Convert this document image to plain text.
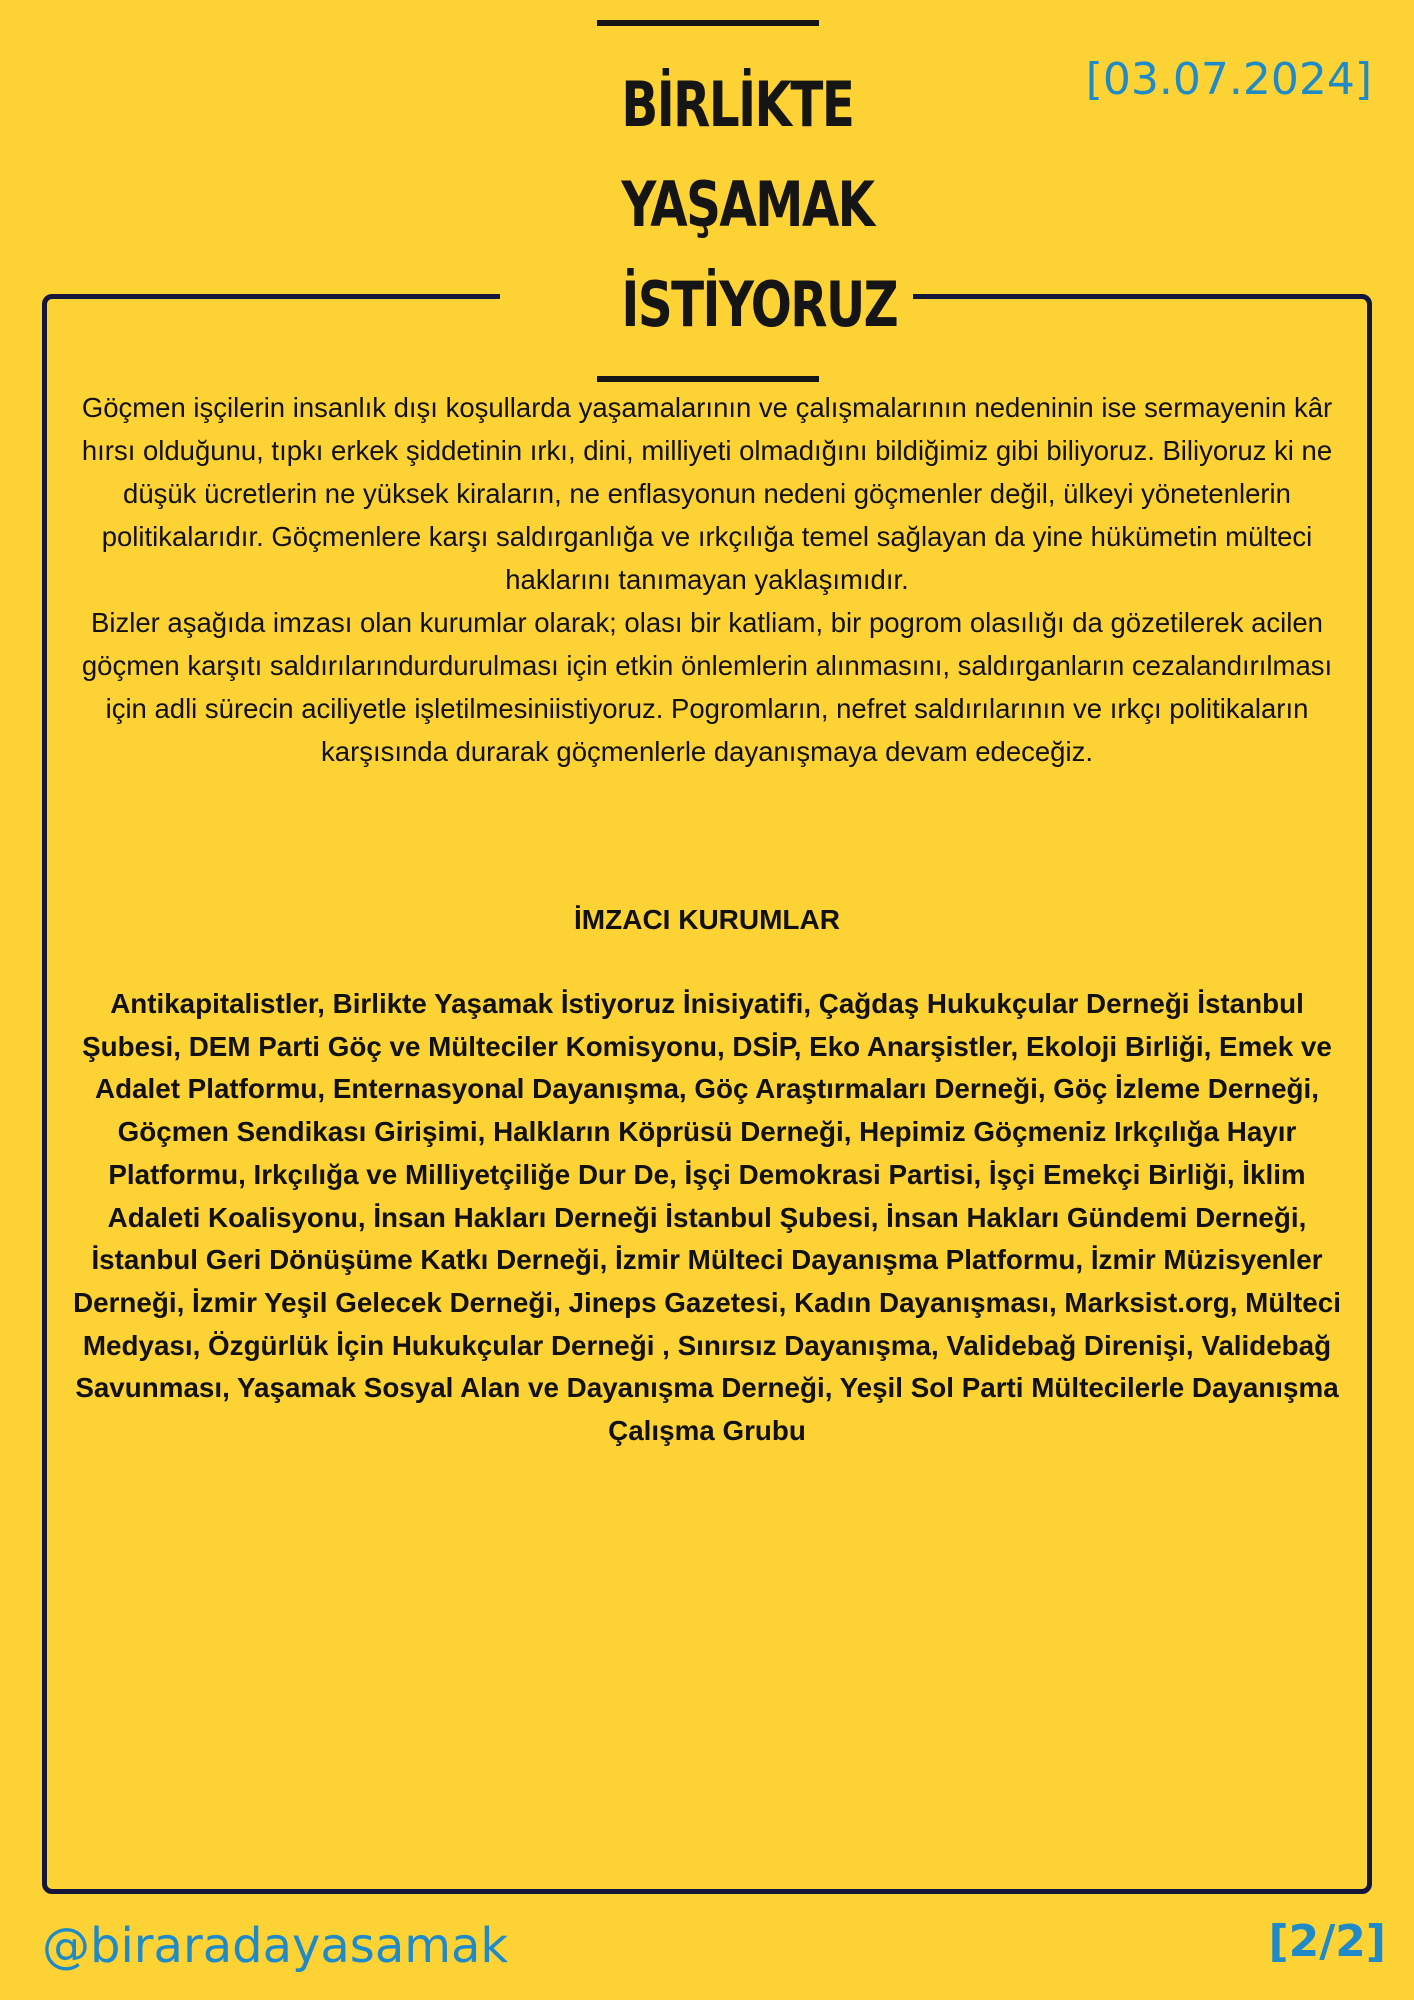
BİRLİKTE
YAŞAMAK
İSTİYORUZ
[03.07.2024]

Göçmen işçilerin insanlık dışı koşullarda yaşamalarının ve çalışmalarının nedeninin ise sermayenin kâr hırsı olduğunu, tıpkı erkek şiddetinin ırkı, dini, milliyeti olmadığını bildiğimiz gibi biliyoruz. Biliyoruz ki ne düşük ücretlerin ne yüksek kiraların, ne enflasyonun nedeni göçmenler değil, ülkeyi yönetenlerin politikalarıdır. Göçmenlere karşı saldırganlığa ve ırkçılığa temel sağlayan da yine hükümetin mülteci haklarını tanımayan yaklaşımıdır.

Bizler aşağıda imzası olan kurumlar olarak; olası bir katliam, bir pogrom olasılığı da gözetilerek acilen göçmen karşıtı saldırılarındurdurulması için etkin önlemlerin alınmasını, saldırganların cezalandırılması için adli sürecin aciliyetle işletilmesiniistiyoruz. Pogromların, nefret saldırılarının ve ırkçı politikaların karşısında durarak göçmenlerle dayanışmaya devam edeceğiz.

İMZACI KURUMLAR
Antikapitalistler, Birlikte Yaşamak İstiyoruz İnisiyatifi, Çağdaş Hukukçular Derneği İstanbul Şubesi, DEM Parti Göç ve Mülteciler Komisyonu, DSİP, Eko Anarşistler, Ekoloji Birliği, Emek ve Adalet Platformu, Enternasyonal Dayanışma, Göç Araştırmaları Derneği, Göç İzleme Derneği, Göçmen Sendikası Girişimi, Halkların Köprüsü Derneği, Hepimiz Göçmeniz Irkçılığa Hayır Platformu, Irkçılığa ve Milliyetçiliğe Dur De, İşçi Demokrasi Partisi, İşçi Emekçi Birliği, İklim Adaleti Koalisyonu, İnsan Hakları Derneği İstanbul Şubesi, İnsan Hakları Gündemi Derneği, İstanbul Geri Dönüşüme Katkı Derneği, İzmir Mülteci Dayanışma Platformu, İzmir Müzisyenler Derneği, İzmir Yeşil Gelecek Derneği, Jineps Gazetesi, Kadın Dayanışması, Marksist.org, Mülteci Medyası, Özgürlük İçin Hukukçular Derneği , Sınırsız Dayanışma, Validebağ Direnişi, Validebağ Savunması, Yaşamak Sosyal Alan ve Dayanışma Derneği, Yeşil Sol Parti Mültecilerle Dayanışma Çalışma Grubu
@biraradayasamak	[2/2]
